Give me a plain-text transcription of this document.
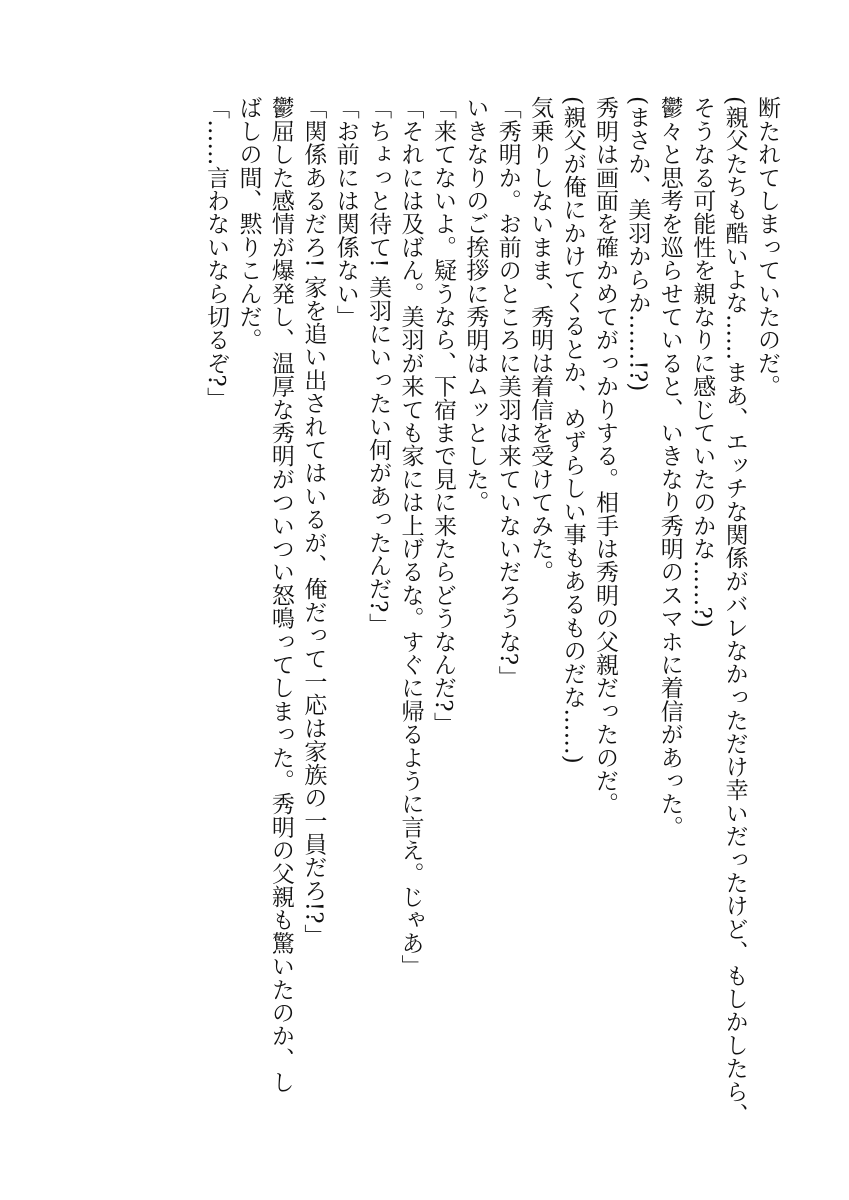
断たれてしまっていたのだ。
(親父たちも酷いよな……まあ、エッチな関係がバレなかっただけ幸いだったけど、もしかしたら、
そうなる可能性を親なりに感じていたのかな……?)
鬱々と思考を巡らせていると、いきなり秀明のスマホに着信があった。
(まさか、美羽からか……!?)
秀明は画面を確かめてがっかりする。相手は秀明の父親だったのだ。
(親父が俺にかけてくるとか、めずらしい事もあるものだな……)
気乗りしないまま、秀明は着信を受けてみた。
「秀明か。お前のところに美羽は来ていないだろうな?」
いきなりのご挨拶に秀明はムッとした。
「来てないよ。疑うなら、下宿まで見に来たらどうなんだ?」
「それには及ばん。美羽が来ても家には上げるな。すぐに帰るように言え。じゃあ」
「ちょっと待て! 美羽にいったい何があったんだ?」
「お前には関係ない」
「関係あるだろ! 家を追い出されてはいるが、俺だって一応は家族の一員だろ!?」
鬱屈した感情が爆発し、温厚な秀明がついつい怒鳴ってしまった。秀明の父親も驚いたのか、し
ばしの間、黙りこんだ。
「……言わないなら切るぞ?」
